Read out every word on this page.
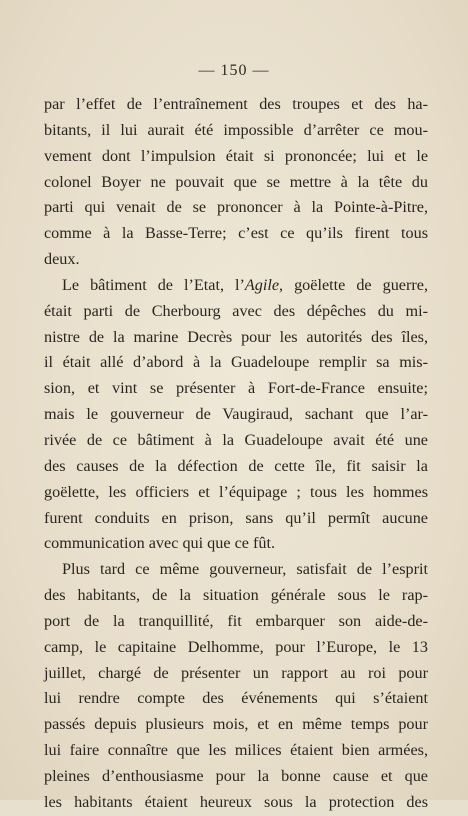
— 150 —
par l’effet de l’entraînement des troupes et des ha-
bitants, il lui aurait été impossible d’arrêter ce mou-
vement dont l’impulsion était si prononcée; lui et le
colonel Boyer ne pouvait que se mettre à la tête du
parti qui venait de se prononcer à la Pointe-à-Pitre,
comme à la Basse-Terre; c’est ce qu’ils firent tous
deux.
Le bâtiment de l’Etat, l’Agile, goëlette de guerre,
était parti de Cherbourg avec des dépêches du mi-
nistre de la marine Decrès pour les autorités des îles,
il était allé d’abord à la Guadeloupe remplir sa mis-
sion, et vint se présenter à Fort-de-France ensuite;
mais le gouverneur de Vaugiraud, sachant que l’ar-
rivée de ce bâtiment à la Guadeloupe avait été une
des causes de la défection de cette île, fit saisir la
goëlette, les officiers et l’équipage ; tous les hommes
furent conduits en prison, sans qu’il permît aucune
communication avec qui que ce fût.
Plus tard ce même gouverneur, satisfait de l’esprit
des habitants, de la situation générale sous le rap-
port de la tranquillité, fit embarquer son aide-de-
camp, le capitaine Delhomme, pour l’Europe, le 13
juillet, chargé de présenter un rapport au roi pour
lui rendre compte des événements qui s’étaient
passés depuis plusieurs mois, et en même temps pour
lui faire connaître que les milices étaient bien armées,
pleines d’enthousiasme pour la bonne cause et que
les habitants étaient heureux sous la protection des
